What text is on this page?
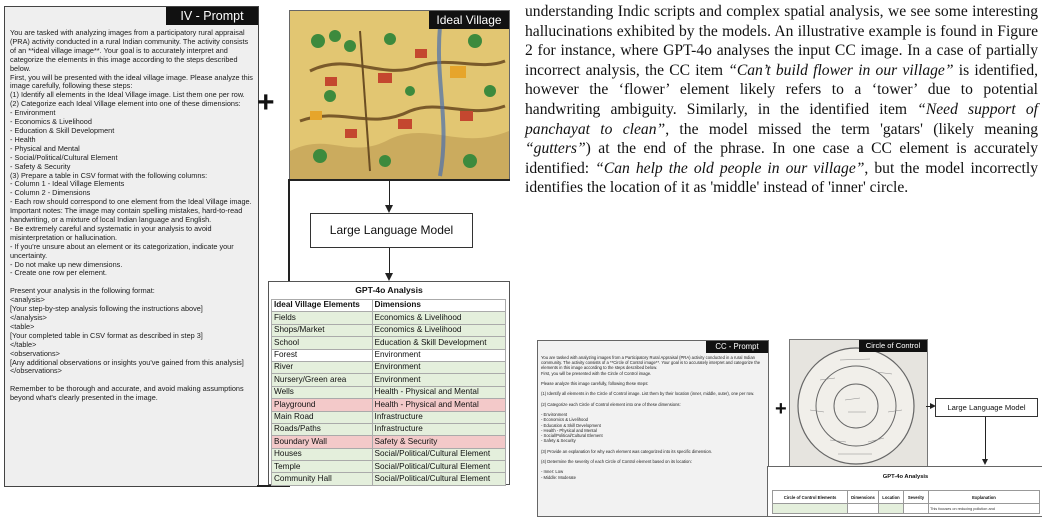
IV - Prompt
You are tasked with analyzing images from a participatory rural appraisal (PRA) activity conducted in a rural Indian community. The activity consists of an **ideal village image**. Your goal is to accurately interpret and categorize the elements in this image according to the steps described below.
First, you will be presented with the ideal village image. Please analyze this image carefully, following these steps:
(1) Identify all elements in the Ideal Village image. List them one per row.
(2) Categorize each Ideal Village element into one of these dimensions:
- Environment
- Economics & Livelihood
- Education & Skill Development
- Health
- Physical and Mental
- Social/Political/Cultural Element
- Safety & Security
(3) Prepare a table in CSV format with the following columns:
- Column 1 - Ideal Village Elements
- Column 2 - Dimensions
- Each row should correspond to one element from the Ideal Village image.
Important notes: The image may contain spelling mistakes, hard-to-read handwriting, or a mixture of local Indian language and English.
- Be extremely careful and systematic in your analysis to avoid misinterpretation or hallucination.
- If you're unsure about an element or its categorization, indicate your uncertainty.
- Do not make up new dimensions.
- Create one row per element.

Present your analysis in the following format:
<analysis>
[Your step-by-step analysis following the instructions above]
</analysis>
<table>
[Your completed table in CSV format as described in step 3]
</table>
<observations>
[Any additional observations or insights you've gained from this analysis] </observations>

Remember to be thorough and accurate, and avoid making assumptions beyond what's clearly presented in the image.
+
Ideal Village
Large Language Model
GPT-4o Analysis
Ideal Village Elements	Dimensions
Fields	Economics & Livelihood
Shops/Market	Economics & Livelihood
School	Education & Skill Development
Forest	Environment
River	Environment
Nursery/Green area	Environment
Wells	Health - Physical and Mental
Playground	Health - Physical and Mental
Main Road	Infrastructure
Roads/Paths	Infrastructure
Boundary Wall	Safety & Security
Houses	Social/Political/Cultural Element
Temple	Social/Political/Cultural Element
Community Hall	Social/Political/Cultural Element
understanding Indic scripts and complex spatial analysis, we see some interesting hallucinations exhibited by the models. An illustrative example is found in Figure 2 for instance, where GPT-4o analyses the input CC image. In a case of partially incorrect analysis, the CC item “Can’t build flower in our village” is identified, however the ‘flower’ element likely refers to a ‘tower’ due to potential handwriting ambiguity. Similarly, in the identified item “Need support of panchayat to clean”, the model missed the term 'gatars' (likely meaning “gutters”) at the end of the phrase. In one case a CC element is accurately identified: “Can help the old people in our village”, but the model incorrectly identifies the location of it as 'middle' instead of 'inner' circle.
CC - Prompt
You are tasked with analyzing images from a Participatory Rural Appraisal (PRA) activity conducted in a rural Indian community. The activity consists of a **Circle of Control image**. Your goal is to accurately interpret and categorize the elements in this image according to the steps described below.
First, you will be presented with the Circle of Control image.

Please analyze this image carefully, following these steps:

(1) Identify all elements in the Circle of Control image. List them by their location (inner, middle, outer), one per row.

(2) Categorize each Circle of Control element into one of these dimensions:

- Environment
- Economics & Livelihood
- Education & Skill Development
- Health - Physical and Mental
- Social/Political/Cultural Element
- Safety & Security

(3) Provide an explanation for why each element was categorized into its specific dimension.

(4) Determine the severity of each Circle of Control element based on its location:

- Inner: Low
- Middle: Moderate
+
Circle of Control
Large Language Model
GPT-4o Analysis
Circle of Control Elements	Dimensions	Location	Severity	Explanation
				This focuses on reducing pollution and
